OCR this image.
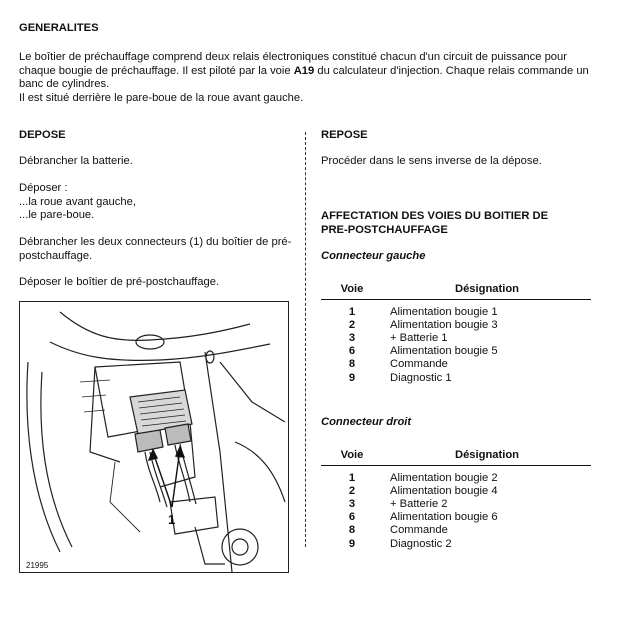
GENERALITES

Le boîtier de préchauffage comprend deux relais électroniques constitué chacun d'un circuit de puissance pour

chaque bougie de préchauffage. Il est piloté par la voie A19 du calculateur d'injection. Chaque relais commande un

banc de cylindres.

Il est situé derrière le pare-boue de la roue avant gauche.

DEPOSE

Débrancher la batterie.

Déposer :

...la roue avant gauche,

...le pare-boue.

Débrancher les deux connecteurs (1) du boîtier de pré-

postchauffage.

Déposer le boîtier de pré-postchauffage.

1
21995
REPOSE

Procéder dans le sens inverse de la dépose.

AFFECTATION DES VOIES DU BOITIER DE
PRE-POSTCHAUFFAGE
Connecteur gauche
Voie	Désignation

1	Alimentation bougie 1
2	Alimentation bougie 3
3	+ Batterie 1
6	Alimentation bougie 5
8	Commande
9	Diagnostic 1
Connecteur droit
Voie	Désignation

1	Alimentation bougie 2
2	Alimentation bougie 4
3	+ Batterie 2
6	Alimentation bougie 6
8	Commande
9	Diagnostic 2
